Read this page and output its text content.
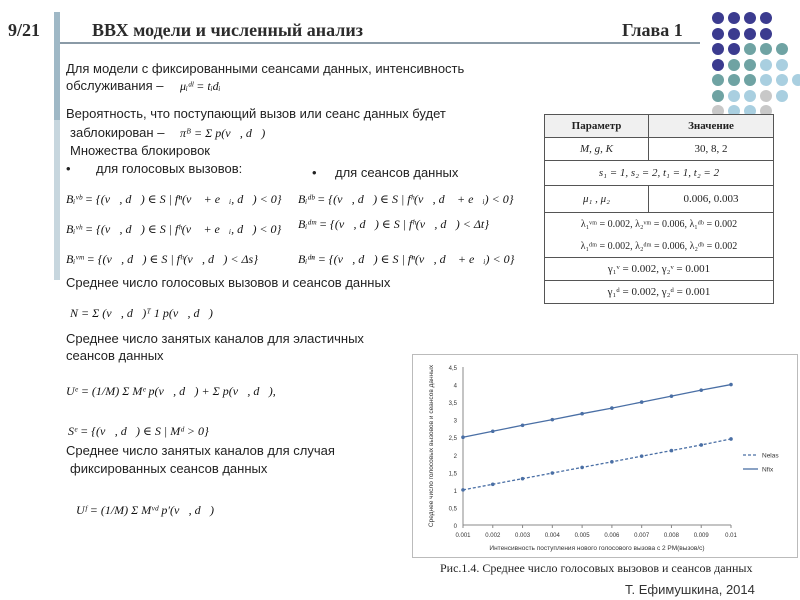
9/21	ВВХ модели и численный анализ	Глава 1
Для модели с фиксированными сеансами данных, интенсивность
обслуживания – μᵢᵈˡ = tᵢdᵢ
Вероятность, что поступающий вызов или сеанс данных будет
заблокирован – πᴮ = Σ p(v⃗, d⃗)
Множества блокировок
• для голосовых вызовов:	• для сеансов данных
Bᵢᵛᵇ = {(v⃗, d⃗) ∈ S | fⁿ(v⃗ + e⃗ᵢ, d⃗) < 0}
Bᵢᵛʰ = {(v⃗, d⃗) ∈ S | fʰ(v⃗ + e⃗ᵢ, d⃗) < 0}
Bᵢᵛᵐ = {(v⃗, d⃗) ∈ S | fʰ(v⃗, d⃗) < Δs}
Bᵢᵈᵇ = {(v⃗, d⃗) ∈ S | fʰ(v⃗, d⃗ + e⃗ᵢ) < 0}
Bᵢᵈᵐ = {(v⃗, d⃗) ∈ S | fʰ(v⃗, d⃗) < Δt}
Bᵢᵈⁿ = {(v⃗, d⃗) ∈ S | fⁿ(v⃗, d⃗ + e⃗ᵢ) < 0}
Среднее число голосовых вызовов и сеансов данных
N = Σ (v⃗, d⃗)ᵀ 1 p(v⃗, d⃗)
Среднее число занятых каналов для эластичных
сеансов данных
Uᵉ = (1/M) Σ Mᵉ p(v⃗, d⃗) + Σ p(v⃗, d⃗),
Sᵉ = {(v⃗, d⃗) ∈ S | Mᵈ > 0}
Среднее число занятых каналов для случая
фиксированных сеансов данных
Uᶠ = (1/M) Σ Mᵛᵈ p′(v⃗, d⃗)
Параметр	Значение
M, g, K	30, 8, 2
s₁ = 1, s₂ = 2, t₁ = 1, t₂ = 2	
μ₁ , μ₂	0.006, 0.003
λ₁ᵛᵐ = 0.002, λ₂ᵛᵐ = 0.006, λ₁ᵈᵇ = 0.002	
λ₁ᵈᵐ = 0.002, λ₂ᵈᵐ = 0.006, λ₂ᵈᵇ = 0.002	
γ₁ᵛ = 0.002, γ₂ᵛ = 0.001	
γ₁ᵈ = 0.002, γ₂ᵈ = 0.001	
0
0,5
1
1,5
2
2,5
3
3,5
4
4,5
0.001 0.002 0.003 0.004 0.005 0.006 0.007 0.008 0.009	0.01
Интенсивность поступления нового голосового вызова с 2 РМ(вызов/с)
Среднее число голосовых вызовов и сеансов данных	Nelas
Nfix
Рис.1.4. Среднее число голосовых вызовов и сеансов данных
Т. Ефимушкина, 2014
